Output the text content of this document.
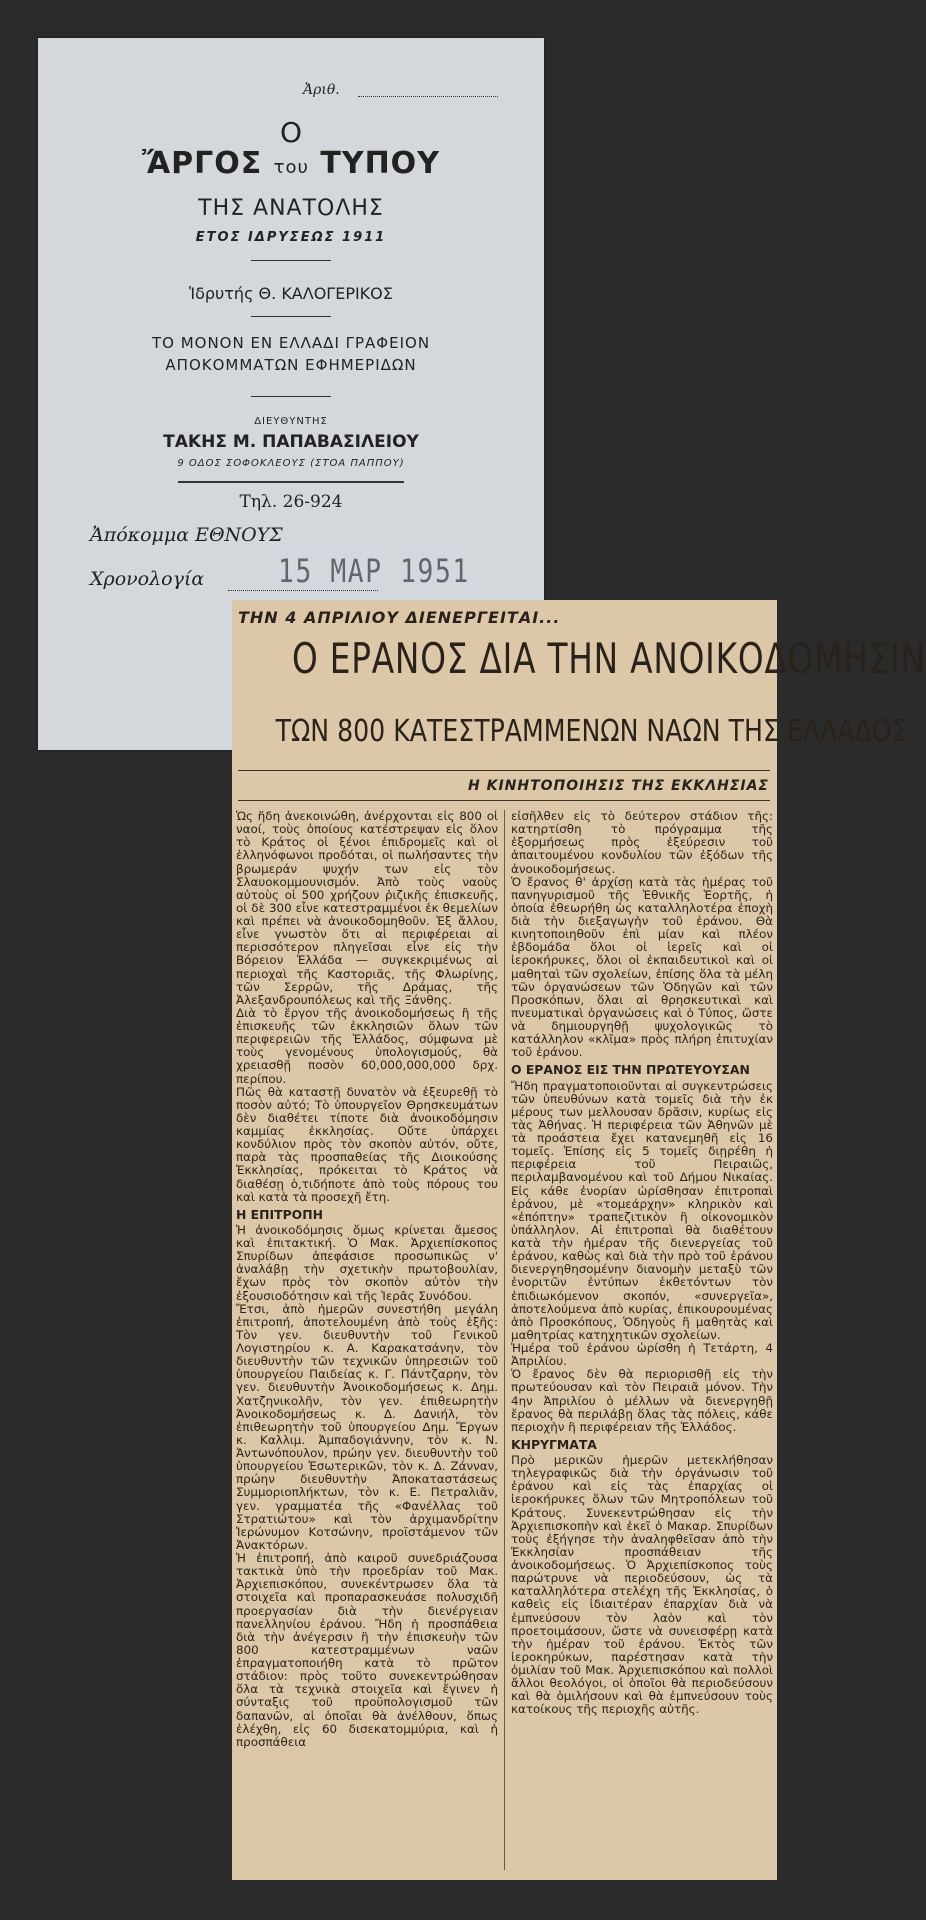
Ἀριθ.
Ο
ἌΡΓΟΣ του ΤΥΠΟΥ
ΤΗΣ ΑΝΑΤΟΛΗΣ
ΕΤΟΣ ΙΔΡΥΣΕΩΣ 1911
Ἱδρυτής Θ. ΚΑΛΟΓΕΡΙΚΟΣ
ΤΟ ΜΟΝΟΝ ΕΝ ΕΛΛΑΔΙ ΓΡΑΦΕΙΟΝ
ΑΠΟΚΟΜΜΑΤΩΝ ΕΦΗΜΕΡΙΔΩΝ
ΔΙΕΥΘΥΝΤΗΣ
ΤΑΚΗΣ Μ. ΠΑΠΑΒΑΣΙΛΕΙΟΥ
9 ΟΔΟΣ ΣΟΦΟΚΛΕΟΥΣ (ΣΤΟΑ ΠΑΠΠΟΥ)
Τηλ. 26-924
Ἀπόκομμα ΕΘΝΟΥΣ
Χρονολογία 15 ΜΑΡ 1951
ΤΗΝ 4 ΑΠΡΙΛΙΟΥ ΔΙΕΝΕΡΓΕΙΤΑΙ...
Ο ΕΡΑΝΟΣ ΔΙΑ ΤΗΝ ΑΝΟΙΚΟΔΟΜΗΣΙΝ
ΤΩΝ 800 ΚΑΤΕΣΤΡΑΜΜΕΝΩΝ ΝΑΩΝ ΤΗΣ ΕΛΛΑΔΟΣ
Η ΚΙΝΗΤΟΠΟΙΗΣΙΣ ΤΗΣ ΕΚΚΛΗΣΙΑΣ

Ὡς ἤδη ἀνεκοινώθη, ἀνέρχονται εἰς 800 οἱ ναοί, τοὺς ὁποίους κατέστρεψαν εἰς ὅλον τὸ Κράτος οἱ ξένοι ἐπιδρομεῖς καὶ οἱ ἑλληνόφωνοι προδόται, οἱ πωλήσαντες τὴν βρωμεράν ψυχήν των εἰς τὸν Σλαυοκομμουνισμόν. Ἀπὸ τοὺς ναοὺς αὐτοὺς οἱ 500 χρήζουν ῥιζικῆς ἐπισκευῆς, οἱ δὲ 300 εἶνε κατεστραμμένοι ἐκ θεμελίων καὶ πρέπει νὰ ἀνοικοδομηθοῦν. Ἐξ ἄλλου, εἶνε γνωστὸν ὅτι αἱ περιφέρειαι αἱ περισσότερον πληγεῖσαι εἶνε εἰς τὴν Βόρειον Ἑλλάδα — συγκεκριμένως αἱ περιοχαὶ τῆς Καστοριᾶς, τῆς Φλωρίνης, τῶν Σερρῶν, τῆς Δράμας, τῆς Ἀλεξανδρουπόλεως καὶ τῆς Ξάνθης.

Διὰ τὸ ἔργον τῆς ἀνοικοδομήσεως ἢ τῆς ἐπισκευῆς τῶν ἐκκλησιῶν ὅλων τῶν περιφερειῶν τῆς Ἑλλάδος, σύμφωνα μὲ τοὺς γενομένους ὑπολογισμούς, θὰ χρειασθῇ ποσὸν 60,000,000,000 δρχ. περίπου.

Πῶς θὰ καταστῇ δυνατὸν νὰ ἐξευρεθῇ τὸ ποσὸν αὐτό; Τὸ ὑπουργεῖον Θρησκευμάτων δὲν διαθέτει τίποτε διὰ ἀνοικοδόμησιν καμμίας ἐκκλησίας. Οὔτε ὑπάρχει κονδύλιον πρὸς τὸν σκοπὸν αὐτόν, οὔτε, παρὰ τὰς προσπαθείας τῆς Διοικούσης Ἐκκλησίας, πρόκειται τὸ Κράτος νὰ διαθέσῃ ὁ,τιδήποτε ἀπὸ τοὺς πόρους του καὶ κατὰ τὰ προσεχῆ ἔτη.

Η ΕΠΙΤΡΟΠΗ

Ἡ ἀνοικοδόμησις ὅμως κρίνεται ἄμεσος καὶ ἐπιτακτική. Ὁ Μακ. Ἀρχιεπίσκοπος Σπυρίδων ἀπεφάσισε προσωπικῶς ν' ἀναλάβῃ τὴν σχετικὴν πρωτοβουλίαν, ἔχων πρὸς τὸν σκοπὸν αὐτὸν τὴν ἐξουσιοδότησιν καὶ τῆς Ἱερᾶς Συνόδου.

Ἔτσι, ἀπὸ ἡμερῶν συνεστήθη μεγάλη ἐπιτροπή, ἀποτελουμένη ἀπὸ τοὺς ἑξῆς: Τὸν γεν. διευθυντὴν τοῦ Γενικοῦ Λογιστηρίου κ. Α. Καρακατσάνην, τὸν διευθυντὴν τῶν τεχνικῶν ὑπηρεσιῶν τοῦ ὑπουργείου Παιδείας κ. Γ. Πάντζαρην, τὸν γεν. διευθυντὴν Ἀνοικοδομήσεως κ. Δημ. Χατζηνικολῆν, τὸν γεν. ἐπιθεωρητὴν Ἀνοικοδομήσεως κ. Δ. Δανιήλ, τὸν ἐπιθεωρητὴν τοῦ ὑπουργείου Δημ. Ἔργων κ. Καλλιμ. Ἀμπαδογιάννην, τὸν κ. Ν. Ἀντωνόπουλον, πρώην γεν. διευθυντὴν τοῦ ὑπουργείου Ἐσωτερικῶν, τὸν κ. Δ. Ζάνναν, πρώην διευθυντὴν Ἀποκαταστάσεως Συμμοριοπλήκτων, τὸν κ. Ε. Πετραλιᾶν, γεν. γραμματέα τῆς «Φανέλλας τοῦ Στρατιώτου» καὶ τὸν ἀρχιμανδρίτην Ἱερώνυμον Κοτσώνην, προϊστάμενον τῶν Ἀνακτόρων.

Ἡ ἐπιτροπή, ἀπὸ καιροῦ συνεδριάζουσα τακτικὰ ὑπὸ τὴν προεδρίαν τοῦ Μακ. Ἀρχιεπισκόπου, συνεκέντρωσεν ὅλα τὰ στοιχεῖα καὶ προπαρασκευάσε πολυσχιδῆ προεργασίαν διὰ τὴν διενέργειαν πανελληνίου ἐράνου. Ἤδη ἡ προσπάθεια διὰ τὴν ἀνέγερσιν ἢ τὴν ἐπισκευὴν τῶν 800 κατεστραμμένων ναῶν ἐπραγματοποιήθη κατὰ τὸ πρῶτον στάδιον: πρὸς τοῦτο συνεκεντρώθησαν ὅλα τὰ τεχνικὰ στοιχεῖα καὶ ἔγινεν ἡ σύνταξις τοῦ προϋπολογισμοῦ τῶν δαπανῶν, αἱ ὁποῖαι θὰ ἀνέλθουν, ὅπως ἐλέχθη, εἰς 60 δισεκατομμύρια, καὶ ἡ προσπάθεια

εἰσῆλθεν εἰς τὸ δεύτερον στάδιον τῆς: κατηρτίσθη τὸ πρόγραμμα τῆς ἐξορμήσεως πρὸς ἐξεύρεσιν τοῦ ἀπαιτουμένου κονδυλίου τῶν ἐξόδων τῆς ἀνοικοδομήσεως.

Ὁ ἔρανος θ' ἀρχίσῃ κατὰ τὰς ἡμέρας τοῦ πανηγυρισμοῦ τῆς Ἐθνικῆς Ἑορτῆς, ἡ ὁποία ἐθεωρήθη ὡς καταλληλοτέρα ἐποχὴ διὰ τὴν διεξαγωγὴν τοῦ ἐράνου. Θὰ κινητοποιηθοῦν ἐπὶ μίαν καὶ πλέον ἑβδομάδα ὅλοι οἱ ἱερεῖς καὶ οἱ ἱεροκήρυκες, ὅλοι οἱ ἐκπαιδευτικοὶ καὶ οἱ μαθηταὶ τῶν σχολείων, ἐπίσης ὅλα τὰ μέλη τῶν ὀργανώσεων τῶν Ὁδηγῶν καὶ τῶν Προσκόπων, ὅλαι αἱ θρησκευτικαὶ καὶ πνευματικαὶ ὀργανώσεις καὶ ὁ Τύπος, ὥστε νὰ δημιουργηθῇ ψυχολογικῶς τὸ κατάλληλον «κλῖμα» πρὸς πλήρη ἐπιτυχίαν τοῦ ἐράνου.

Ο ΕΡΑΝΟΣ ΕΙΣ ΤΗΝ ΠΡΩΤΕΥΟΥΣΑΝ

Ἤδη πραγματοποιοῦνται αἱ συγκεντρώσεις τῶν ὑπευθύνων κατὰ τομεῖς διὰ τὴν ἐκ μέρους των μελλουσαν δρᾶσιν, κυρίως εἰς τὰς Ἀθήνας. Ἡ περιφέρεια τῶν Ἀθηνῶν μὲ τὰ προάστεια ἔχει κατανεμηθῆ εἰς 16 τομεῖς. Ἐπίσης εἰς 5 τομεῖς διῃρέθη ἡ περιφέρεια τοῦ Πειραιῶς, περιλαμβανομένου καὶ τοῦ Δήμου Νικαίας. Εἰς κάθε ἐνορίαν ὡρίσθησαν ἐπιτροπαὶ ἐράνου, μὲ «τομεάρχην» κληρικὸν καὶ «ἐπόπτην» τραπεζιτικὸν ἢ οἰκονομικὸν ὑπάλληλον. Αἱ ἐπιτροπαὶ θὰ διαθέτουν κατὰ τὴν ἡμέραν τῆς διενεργείας τοῦ ἐράνου, καθὼς καὶ διὰ τὴν πρὸ τοῦ ἐράνου διενεργηθησομένην διανομὴν μεταξὺ τῶν ἐνοριτῶν ἐντύπων ἐκθετόντων τὸν ἐπιδιωκόμενον σκοπόν, «συνεργεῖα», ἀποτελούμενα ἀπὸ κυρίας, ἐπικουρουμένας ἀπὸ Προσκόπους, Ὁδηγοὺς ἢ μαθητὰς καὶ μαθητρίας κατηχητικῶν σχολείων.

Ἡμέρα τοῦ ἐράνου ὡρίσθη ἡ Τετάρτη, 4 Ἀπριλίου.

Ὁ ἔρανος δὲν θὰ περιορισθῇ εἰς τὴν πρωτεύουσαν καὶ τὸν Πειραιᾶ μόνον. Τὴν 4ην Ἀπριλίου ὁ μέλλων νὰ διενεργηθῇ ἔρανος θὰ περιλάβῃ ὅλας τὰς πόλεις, κάθε περιοχὴν ἢ περιφέρειαν τῆς Ἑλλάδος.

ΚΗΡΥΓΜΑΤΑ

Πρὸ μερικῶν ἡμερῶν μετεκλήθησαν τηλεγραφικῶς διὰ τὴν ὀργάνωσιν τοῦ ἐράνου καὶ εἰς τὰς ἐπαρχίας οἱ ἱεροκήρυκες ὅλων τῶν Μητροπόλεων τοῦ Κράτους. Συνεκεντρώθησαν εἰς τὴν Ἀρχιεπισκοπὴν καὶ ἐκεῖ ὁ Μακαρ. Σπυρίδων τοὺς ἐξήγησε τὴν ἀναληφθεῖσαν ἀπὸ τὴν Ἐκκλησίαν προσπάθειαν τῆς ἀνοικοδομήσεως. Ὁ Ἀρχιεπίσκοπος τοὺς παρώτρυνε νὰ περιοδεύσουν, ὡς τὰ καταλληλότερα στελέχη τῆς Ἐκκλησίας, ὁ καθεὶς εἰς ἰδιαιτέραν ἐπαρχίαν διὰ νὰ ἐμπνεύσουν τὸν λαὸν καὶ τὸν προετοιμάσουν, ὥστε νὰ συνεισφέρῃ κατὰ τὴν ἡμέραν τοῦ ἐράνου. Ἐκτὸς τῶν ἱεροκηρύκων, παρέστησαν κατὰ τὴν ὁμιλίαν τοῦ Μακ. Ἀρχιεπισκόπου καὶ πολλοὶ ἄλλοι θεολόγοι, οἱ ὁποῖοι θὰ περιοδεύσουν καὶ θὰ ὁμιλήσουν καὶ θὰ ἐμπνεύσουν τοὺς κατοίκους τῆς περιοχῆς αὐτῆς.
